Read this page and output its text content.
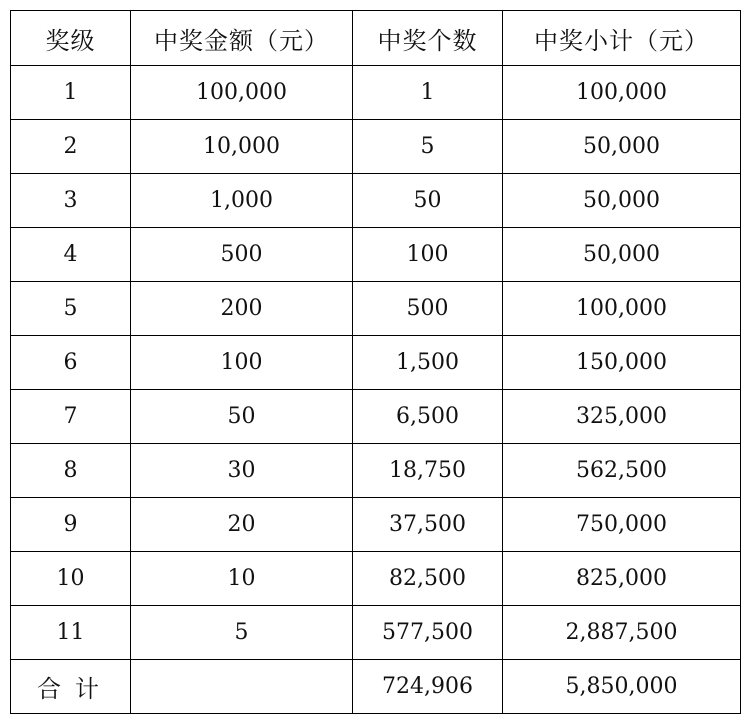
奖级	中奖金额（元）	中奖个数	中奖小计（元）
1	100,000	1	100,000
2	10,000	5	50,000
3	1,000	50	50,000
4	500	100	50,000
5	200	500	100,000
6	100	1,500	150,000
7	50	6,500	325,000
8	30	18,750	562,500
9	20	37,500	750,000
10	10	82,500	825,000
11	5	577,500	2,887,500
合计		724,906	5,850,000
